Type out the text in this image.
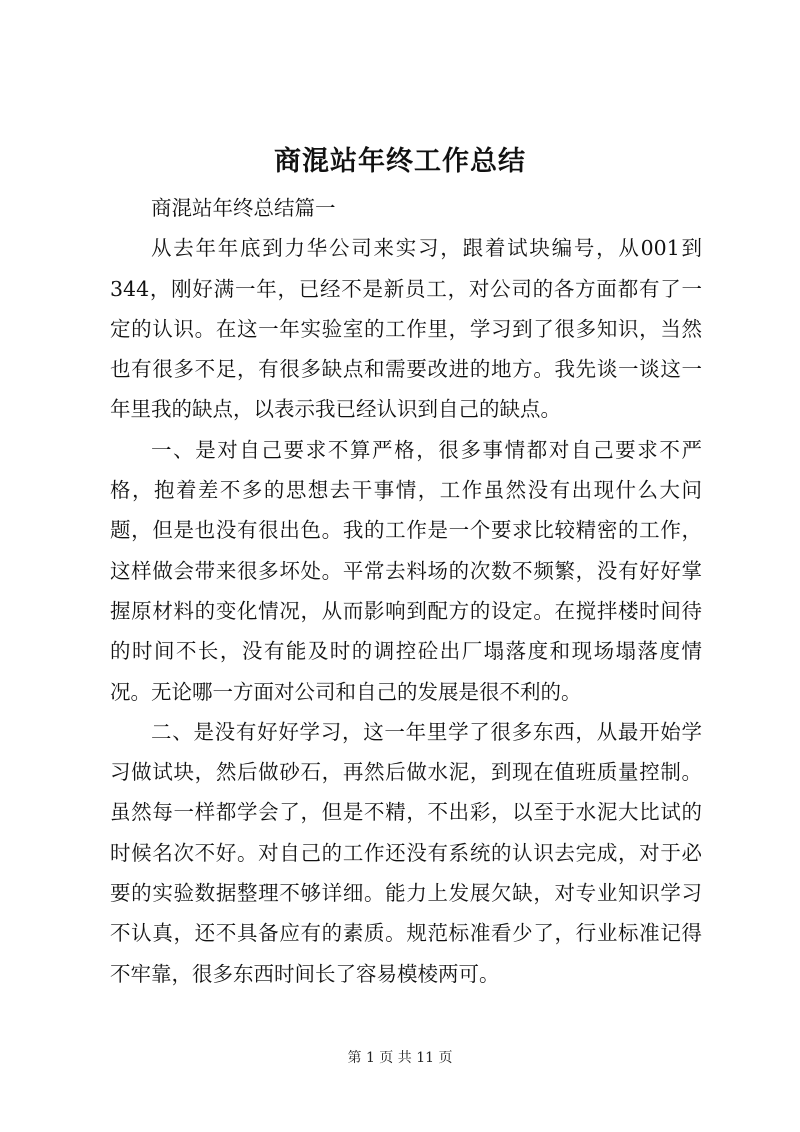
商混站年终工作总结

商混站年终总结篇一

从去年年底到力华公司来实习，跟着试块编号，从001到344，刚好满一年，已经不是新员工，对公司的各方面都有了一定的认识。在这一年实验室的工作里，学习到了很多知识，当然也有很多不足，有很多缺点和需要改进的地方。我先谈一谈这一年里我的缺点，以表示我已经认识到自己的缺点。

一、是对自己要求不算严格，很多事情都对自己要求不严格，抱着差不多的思想去干事情，工作虽然没有出现什么大问题，但是也没有很出色。我的工作是一个要求比较精密的工作，这样做会带来很多坏处。平常去料场的次数不频繁，没有好好掌握原材料的变化情况，从而影响到配方的设定。在搅拌楼时间待的时间不长，没有能及时的调控砼出厂塌落度和现场塌落度情况。无论哪一方面对公司和自己的发展是很不利的。

二、是没有好好学习，这一年里学了很多东西，从最开始学习做试块，然后做砂石，再然后做水泥，到现在值班质量控制。虽然每一样都学会了，但是不精，不出彩，以至于水泥大比试的时候名次不好。对自己的工作还没有系统的认识去完成，对于必要的实验数据整理不够详细。能力上发展欠缺，对专业知识学习不认真，还不具备应有的素质。规范标准看少了，行业标准记得不牢靠，很多东西时间长了容易模棱两可。

第 1 页 共 11 页
